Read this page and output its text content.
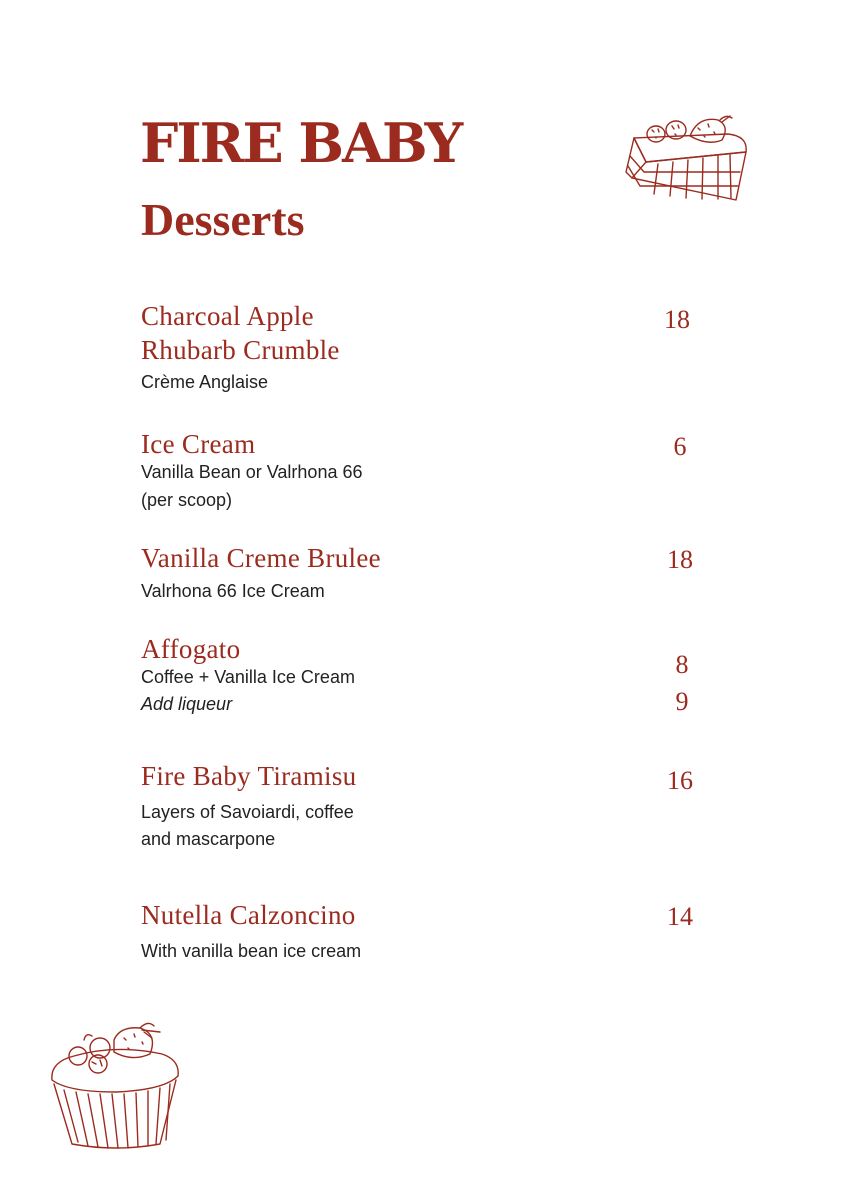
FIRE BABY
Desserts
Charcoal Apple
Rhubarb Crumble
Crème Anglaise
18
Ice Cream
Vanilla Bean or Valrhona 66
(per scoop)
6
Vanilla Creme Brulee
Valrhona 66 Ice Cream
18
Affogato
Coffee + Vanilla Ice Cream
Add liqueur
8
9
Fire Baby Tiramisu
Layers of Savoiardi, coffee
and mascarpone
16
Nutella Calzoncino
With vanilla bean ice cream
14
